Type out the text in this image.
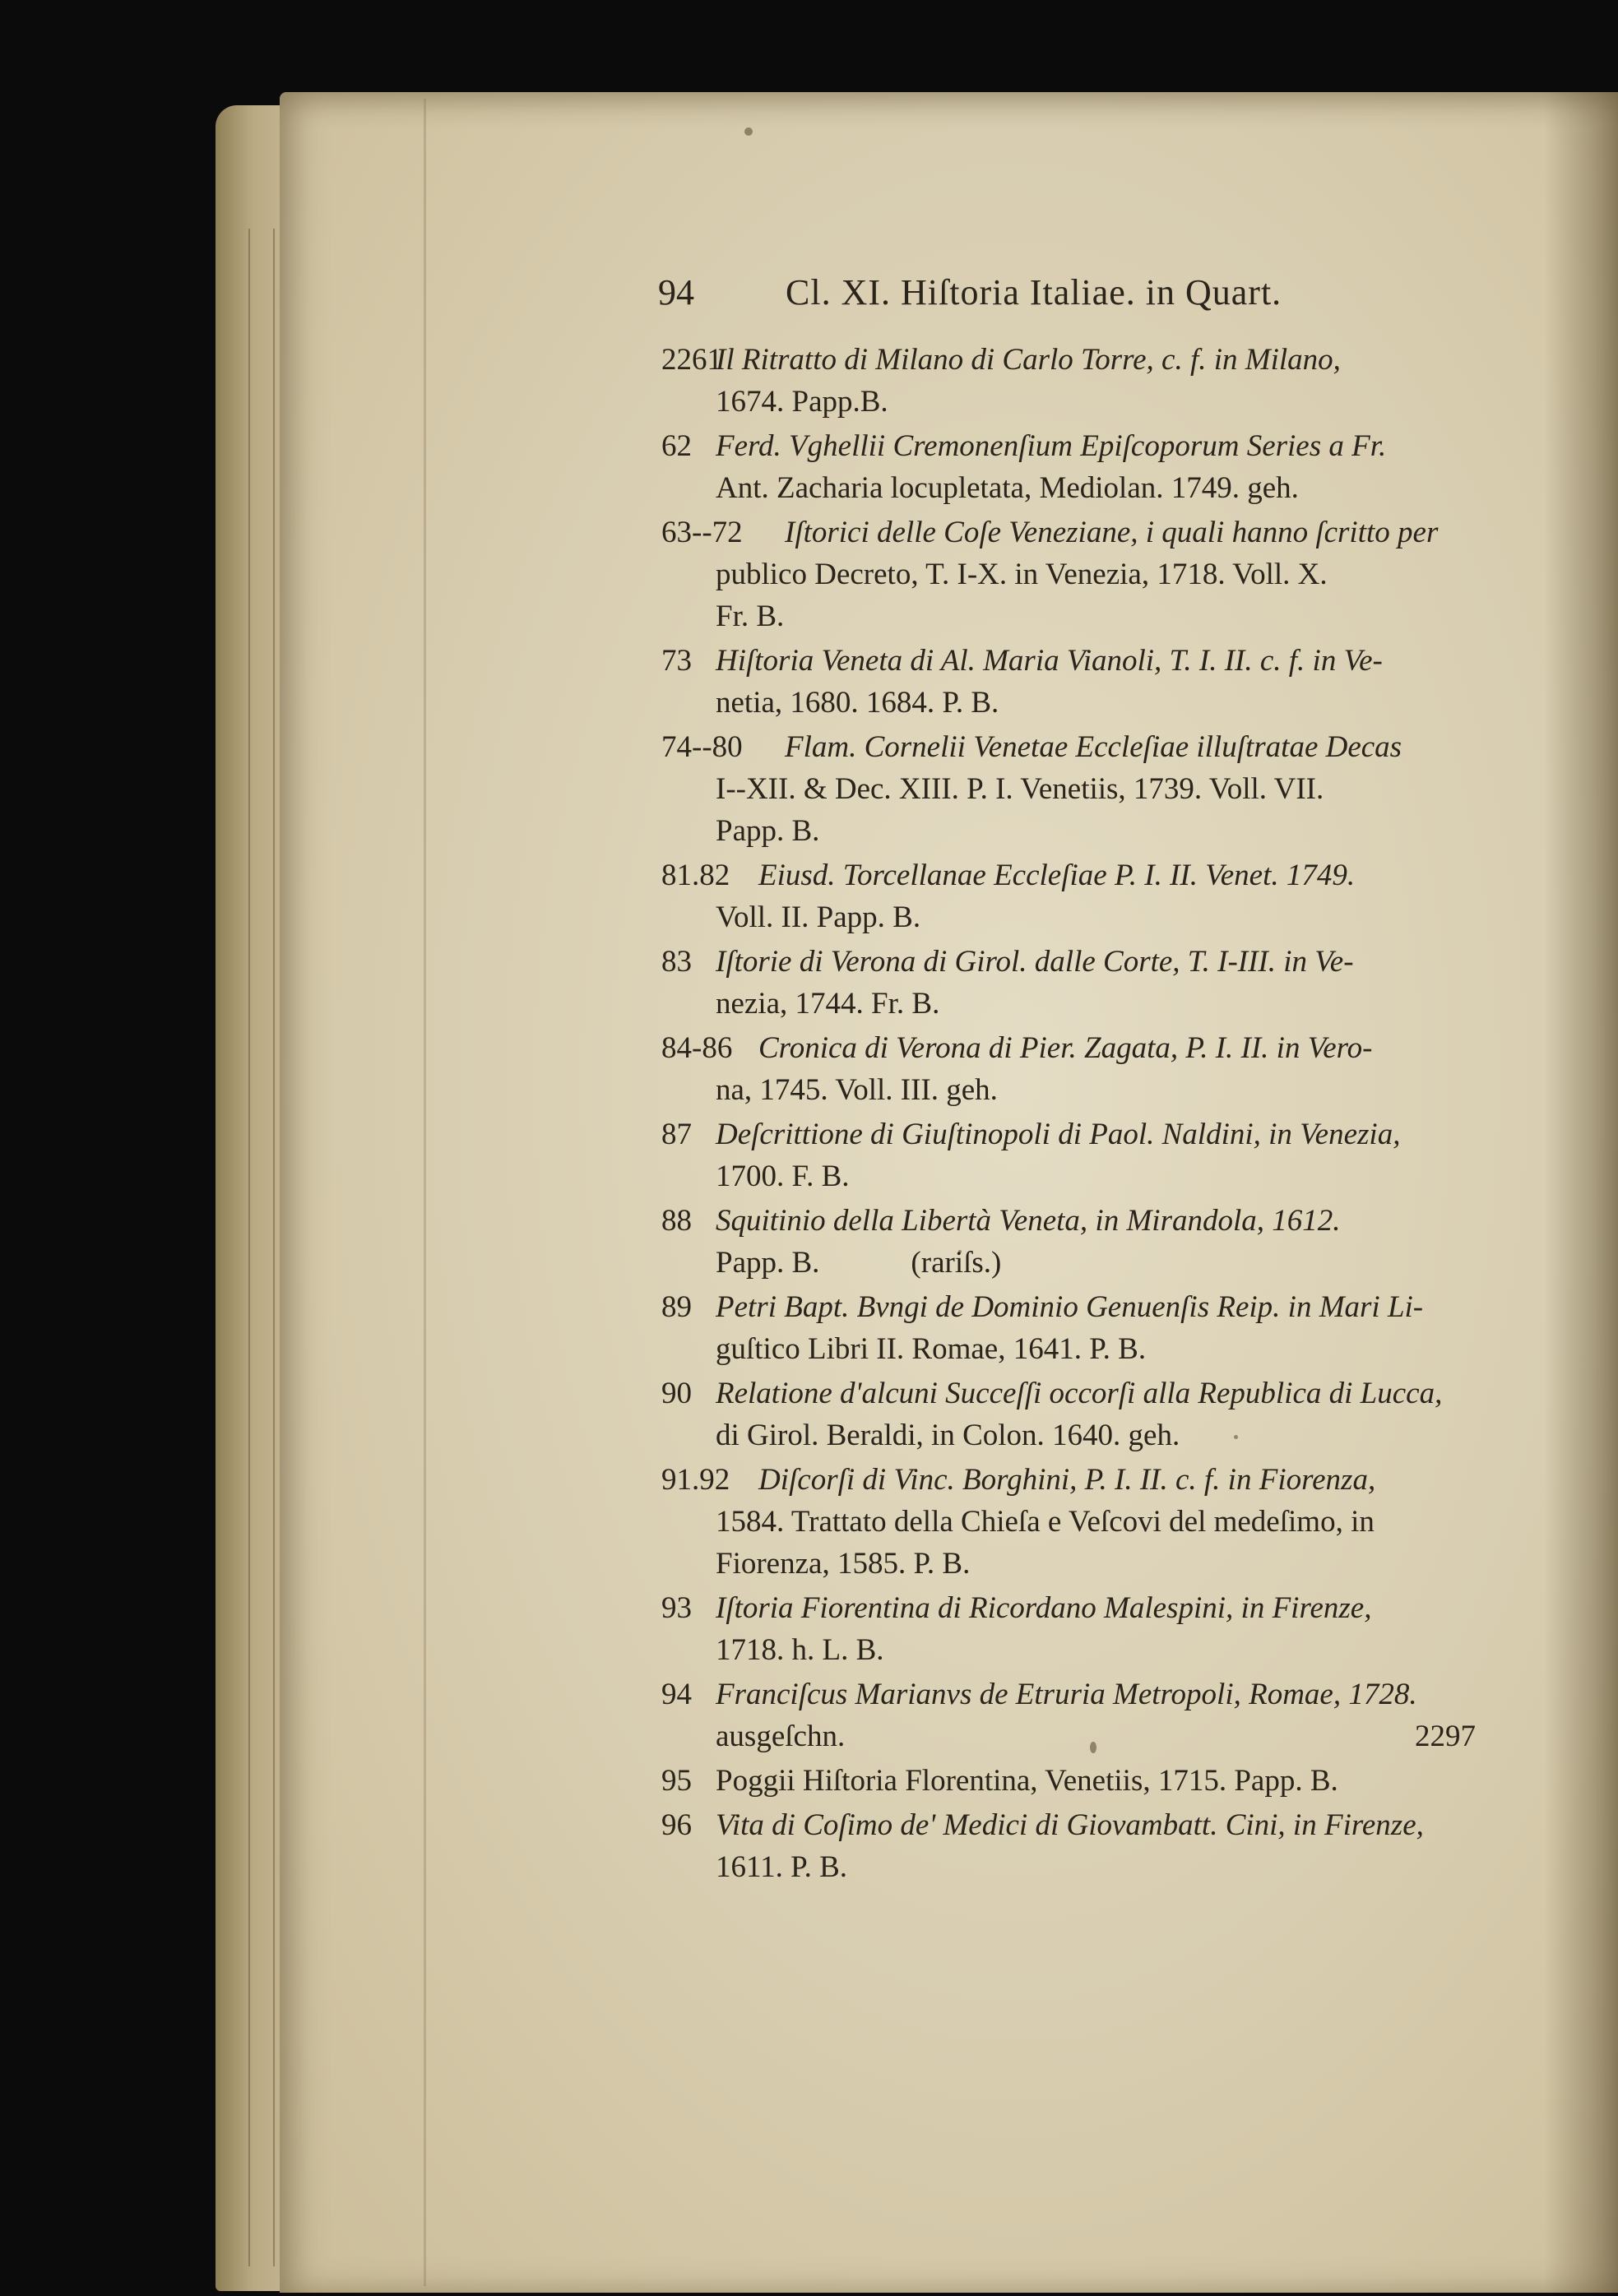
94	Cl. XI. Hiſtoria Italiae. in Quart.
2261
Il Ritratto di Milano di Carlo Torre, c. f. in Milano,
1674. Papp.B.
62 Ferd. Vghellii Cremonenſium Epiſcoporum Series a Fr.
Ant. Zacharia locupletata, Mediolan. 1749. geh.
63--72 Iſtorici delle Coſe Veneziane, i quali hanno ſcritto per
publico Decreto, T. I-X. in Venezia, 1718. Voll. X.
Fr. B.
73 Hiſtoria Veneta di Al. Maria Vianoli, T. I. II. c. f. in Ve-
netia, 1680. 1684. P. B.
74--80 Flam. Cornelii Venetae Eccleſiae illuſtratae Decas
I--XII. & Dec. XIII. P. I. Venetiis, 1739. Voll. VII.
Papp. B.
81.82 Eiusd. Torcellanae Eccleſiae P. I. II. Venet. 1749.
Voll. II. Papp. B.
83 Iſtorie di Verona di Girol. dalle Corte, T. I-III. in Ve-
nezia, 1744. Fr. B.
84-86 Cronica di Verona di Pier. Zagata, P. I. II. in Vero-
na, 1745. Voll. III. geh.
87 Deſcrittione di Giuſtinopoli di Paol. Naldini, in Venezia,
1700. F. B.
88 Squitinio della Libertà Veneta, in Mirandola, 1612.
Papp. B.            (rariſs.)
89 Petri Bapt. Bvngi de Dominio Genuenſis Reip. in Mari Li-
guſtico Libri II. Romae, 1641. P. B.
90 Relatione d'alcuni Succeſſi occorſi alla Republica di Lucca,
di Girol. Beraldi, in Colon. 1640. geh.
91.92 Diſcorſi di Vinc. Borghini, P. I. II. c. f. in Fiorenza,
1584. Trattato della Chieſa e Veſcovi del medeſimo, in
Fiorenza, 1585. P. B.
93 Iſtoria Fiorentina di Ricordano Malespini, in Firenze,
1718. h. L. B.
94 Franciſcus Marianvs de Etruria Metropoli, Romae, 1728.
ausgeſchn.
95 Poggii Hiſtoria Florentina, Venetiis, 1715. Papp. B.
96 Vita di Coſimo de' Medici di Giovambatt. Cini, in Firenze,
1611. P. B.
2297
